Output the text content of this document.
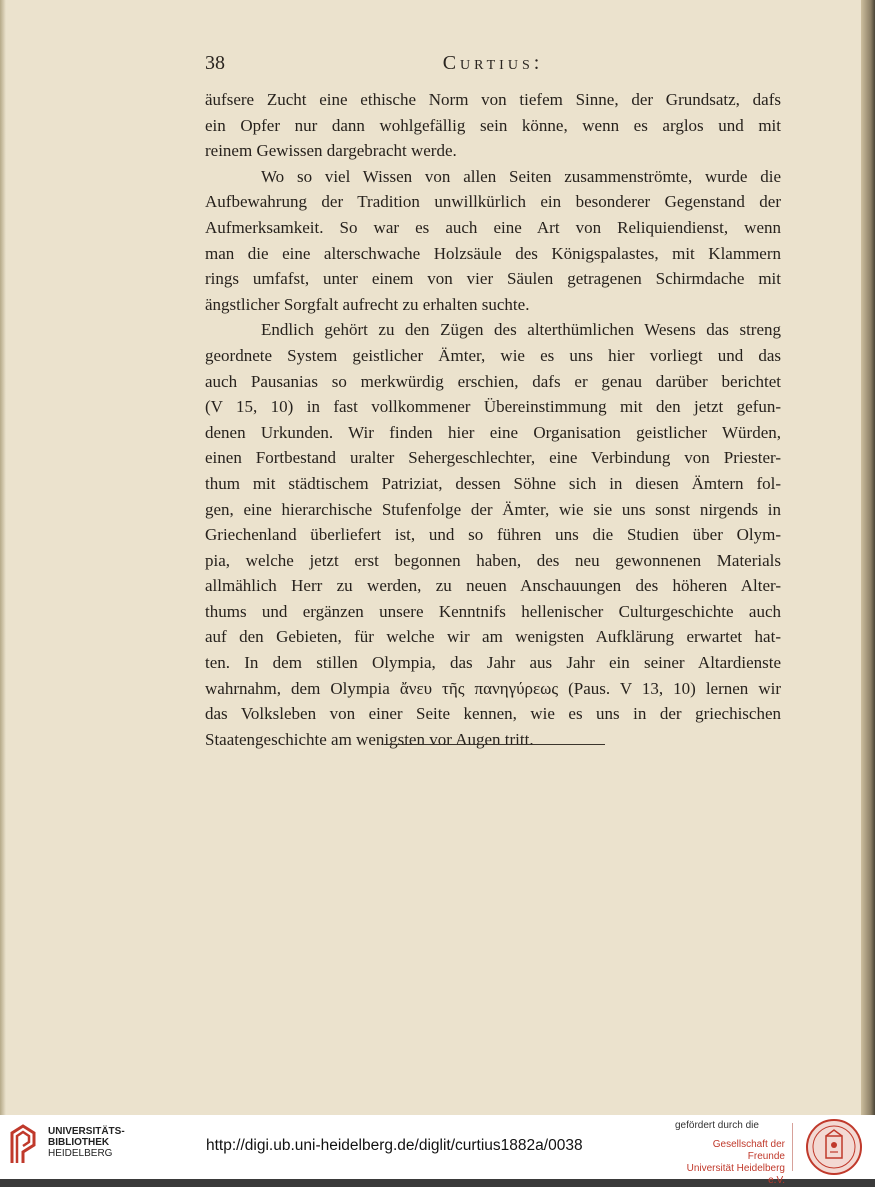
38	Curtius:
äufsere Zucht eine ethische Norm von tiefem Sinne, der Grundsatz, dafs
ein Opfer nur dann wohlgefällig sein könne, wenn es arglos und mit
reinem Gewissen dargebracht werde.
Wo so viel Wissen von allen Seiten zusammenströmte, wurde die
Aufbewahrung der Tradition unwillkürlich ein besonderer Gegenstand der
Aufmerksamkeit. So war es auch eine Art von Reliquiendienst, wenn
man die eine alterschwache Holzsäule des Königspalastes, mit Klammern
rings umfafst, unter einem von vier Säulen getragenen Schirmdache mit
ängstlicher Sorgfalt aufrecht zu erhalten suchte.
Endlich gehört zu den Zügen des alterthümlichen Wesens das streng
geordnete System geistlicher Ämter, wie es uns hier vorliegt und das
auch Pausanias so merkwürdig erschien, dafs er genau darüber berichtet
(V 15, 10) in fast vollkommener Übereinstimmung mit den jetzt gefun-
denen Urkunden. Wir finden hier eine Organisation geistlicher Würden,
einen Fortbestand uralter Sehergeschlechter, eine Verbindung von Priester-
thum mit städtischem Patriziat, dessen Söhne sich in diesen Ämtern fol-
gen, eine hierarchische Stufenfolge der Ämter, wie sie uns sonst nirgends in
Griechenland überliefert ist, und so führen uns die Studien über Olym-
pia, welche jetzt erst begonnen haben, des neu gewonnenen Materials
allmählich Herr zu werden, zu neuen Anschauungen des höheren Alter-
thums und ergänzen unsere Kenntnifs hellenischer Culturgeschichte auch
auf den Gebieten, für welche wir am wenigsten Aufklärung erwartet hat-
ten. In dem stillen Olympia, das Jahr aus Jahr ein seiner Altardienste
wahrnahm, dem Olympia ἄνευ τῆς πανηγύρεως (Paus. V 13, 10) lernen wir
das Volksleben von einer Seite kennen, wie es uns in der griechischen
Staatengeschichte am wenigsten vor Augen tritt.
UNIVERSITÄTS-
BIBLIOTHEK
HEIDELBERG	http://digi.ub.uni-heidelberg.de/diglit/curtius1882a/0038
gefördert durch die
Gesellschaft der Freunde
Universität Heidelberg e.V.
